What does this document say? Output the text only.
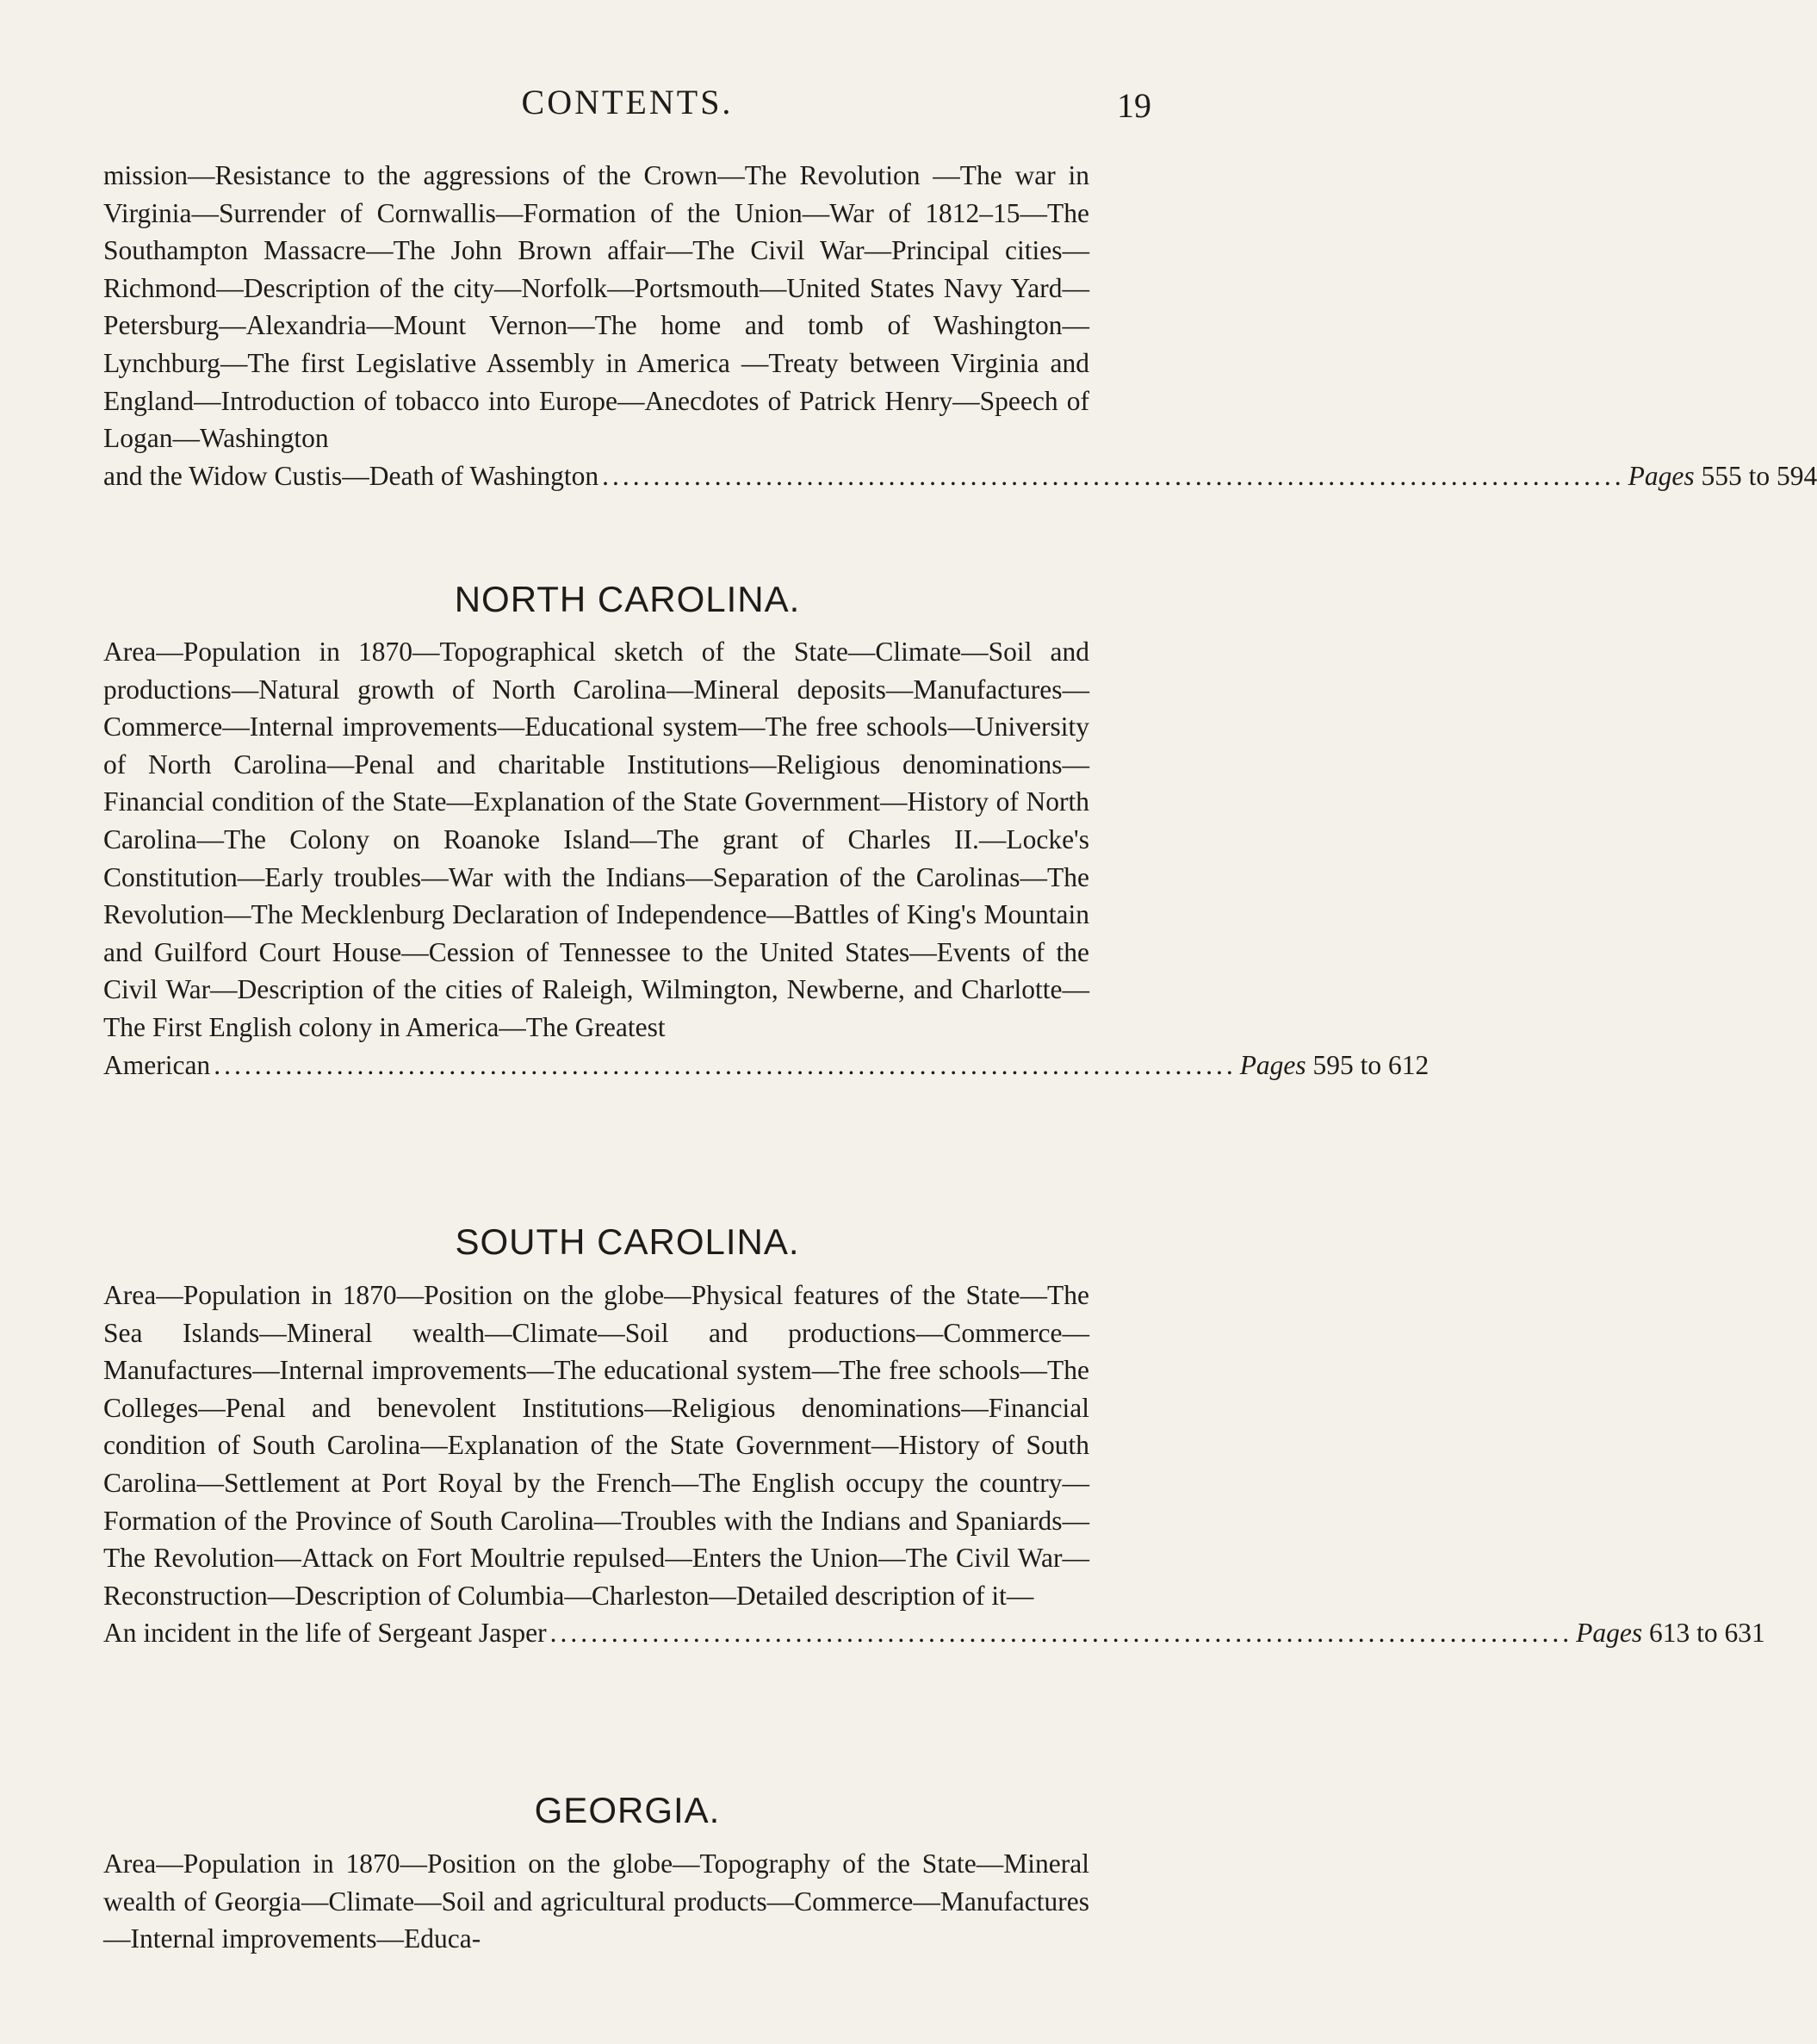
CONTENTS.	19
mission—Resistance to the aggressions of the Crown—The Revolution —The war in Virginia—Surrender of Cornwallis—Formation of the Union—War of 1812–15—The Southampton Massacre—The John Brown affair—The Civil War—Principal cities—Richmond—Description of the city—Norfolk—Portsmouth—United States Navy Yard—Petersburg—Alexandria—Mount Vernon—The home and tomb of Washington—Lynchburg—The first Legislative Assembly in America —Treaty between Virginia and England—Introduction of tobacco into Europe—Anecdotes of Patrick Henry—Speech of Logan—Washington
and the Widow Custis—Death of Washington .................................................................................................... Pages 555 to 594
NORTH CAROLINA.
Area—Population in 1870—Topographical sketch of the State—Climate—Soil and productions—Natural growth of North Carolina—Mineral deposits—Manufactures—Commerce—Internal improvements—Educational system—The free schools—University of North Carolina—Penal and charitable Institutions—Religious denominations—Financial condition of the State—Explanation of the State Government—History of North Carolina—The Colony on Roanoke Island—The grant of Charles II.—Locke's Constitution—Early troubles—War with the Indians—Separation of the Carolinas—The Revolution—The Mecklenburg Declaration of Independence—Battles of King's Mountain and Guilford Court House—Cession of Tennessee to the United States—Events of the Civil War—Description of the cities of Raleigh, Wilmington, Newberne, and Charlotte—The First English colony in America—The Greatest
American .................................................................................................... Pages 595 to 612
SOUTH CAROLINA.
Area—Population in 1870—Position on the globe—Physical features of the State—The Sea Islands—Mineral wealth—Climate—Soil and productions—Commerce—Manufactures—Internal improvements—The educational system—The free schools—The Colleges—Penal and benevolent Institutions—Religious denominations—Financial condition of South Carolina—Explanation of the State Government—History of South Carolina—Settlement at Port Royal by the French—The English occupy the country—Formation of the Province of South Carolina—Troubles with the Indians and Spaniards—The Revolution—Attack on Fort Moultrie repulsed—Enters the Union—The Civil War—Reconstruction—Description of Columbia—Charleston—Detailed description of it—
An incident in the life of Sergeant Jasper .................................................................................................... Pages 613 to 631
GEORGIA.
Area—Population in 1870—Position on the globe—Topography of the State—Mineral wealth of Georgia—Climate—Soil and agricultural products—Commerce—Manufactures—Internal improvements—Educa-
